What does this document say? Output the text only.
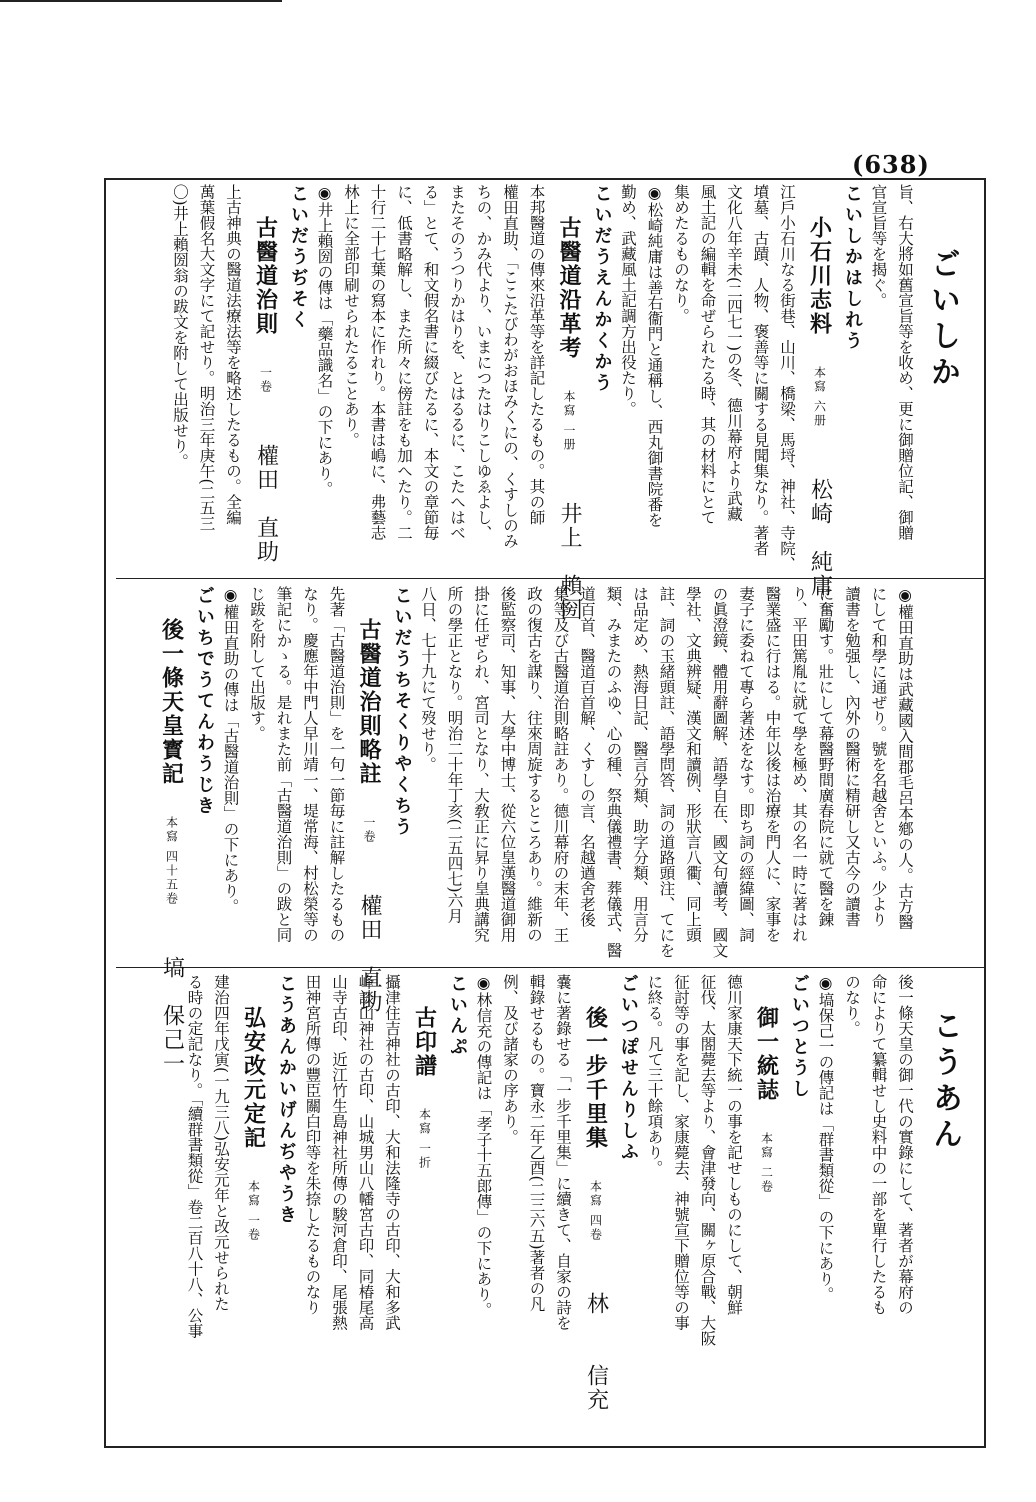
(638)
ごいしか
こうあん
旨、右大將如舊宣旨等を收め、更に御贈位記、御贈
官宣旨等を揭ぐ。
こいしかはしれう
小石川志料本寫 六册松崎　純庸
江戶小石川なる街巷、山川、橋梁、馬埒、神社、寺院、
墳墓、古蹟、人物、褒善等に關する見聞集なり。著者
文化八年辛未(二四七一)の冬、德川幕府より武藏
風土記の編輯を命ぜられたる時、其の材料にとて
集めたるものなり。
◉松崎純庸は善右衞門と通稱し、西丸御書院番を
勤め、武藏風土記調方出役たり。
こいだうえんかくかう
古醫道沿革考本寫 一册井上　賴圀
本邦醫道の傳來沿革等を詳記したるもの。其の師
權田直助、「ここたびわがおほみくにの、くすしのみ
ちの、かみ代より、いまにつたはりこしゆゑよし、
またそのうつりかはりを、とはるるに、こたへはべ
る」とて、和文假名書に綴びたるに、本文の章節毎
に、低書略解し、また所々に傍註をも加へたり。二
十行二十七葉の寫本に作れり。本書は嶋に、弗藝志
林上に全部印刷せられたることあり。
◉井上賴圀の傳は「藥品識名」の下にあり。
こいだうぢそく
古醫道治則一卷權田　直助
上古神典の醫道法療法等を略述したるもの。全編
萬葉假名大文字にて記せり。明治三年庚午(二五三
〇)井上賴圀翁の跋文を附して出版せり。
◉權田直助は武藏國入間郡毛呂本鄕の人。古方醫
にして和學に通ぜり。號を名越舍といふ。少より
讀書を勉强し、內外の醫術に精研し又古今の讀書
に奮勵す。壯にして幕醫野間廣春院に就て醫を錬
り、平田篤胤に就て學を極め、其の名一時に著はれ
醫業盛に行はる。中年以後は治療を門人に、家事を
妻子に委ねて專ら著述をなす。即ち詞の經緯圖、詞
の眞澄鏡、體用辭圖解、語學自在、國文句讀考、國文
學社、文典辨疑、漢文和讀例、形狀言八衢、同上頭
註、詞の玉緒頭註、語學問答、詞の道路頭注、てにを
は品定め、熱海日記、醫言分類、助字分類、用言分
類、みまたのふゆ、心の種、祭典儀禮書、葬儀式、醫
道百首、醫道百首解、くすしの言、名越遒舍老後
集等及び古醫道治則略註あり。德川幕府の末年、王
政の復古を謀り、往來周旋するところあり。維新の
後監察司、知事、大學中博士、從六位皇漢醫道御用
掛に任ぜられ、宮司となり、大敎正に昇り皇典講究
所の學正となり。明治二十年丁亥(二五四七)六月
八日、七十九にて歿せり。
こいだうちそくりやくちう
古醫道治則略註一卷權田　直助
先著「古醫道治則」を一句一節毎に註解したるもの
なり。慶應年中門人早川靖一、堤常海、村松榮等の
筆記にかゝる。是れまた前「古醫道治則」の跋と同
じ跋を附して出版す。
◉權田直助の傳は「古醫道治則」の下にあり。
ごいちでうてんわうじき
後一條天皇寳記本寫 四十五卷塙　保己一	後一條天皇の御一代の實錄にして、著者が幕府の
命によりて纂輯せし史料中の一部を單行したるも
のなり。
◉塙保己一の傳記は「群書類從」の下にあり。
ごいつとうし
御一統誌本寫 二卷
德川家康天下統一の事を記せしものにして、朝鮮
征伐、太閤薨去等より、會津發向、關ヶ原合戰、大阪
征討等の事を記し、家康薨去、神號宣下贈位等の事
に終る。凡て三十餘項あり。
ごいつぽせんりしふ
後一步千里集本寫 四卷林　　信充
嚢に著錄せる「一步千里集」に續きて、自家の詩を
輯錄せるもの。寶永二年乙酉(二三六五)著者の凡
例、及び諸家の序あり。
◉林信充の傳記は「孝子十五郎傳」の下にあり。
こいんぷ
古印譜本寫 一折
攝津住吉神社の古印、大和法隆寺の古印、大和多武
峰談山神社の古印、山城男山八幡宮古印、同椿尾高
山寺古印、近江竹生島神社所傳の駿河倉印、尾張熱
田神宮所傳の豐臣關白印等を朱捺したるものなり
こうあんかいげんぢやうき
弘安改元定記本寫 一卷
建治四年戊寅(一九三八)弘安元年と改元せられた
る時の定記なり。「續群書類從」卷二百八十八、公事
